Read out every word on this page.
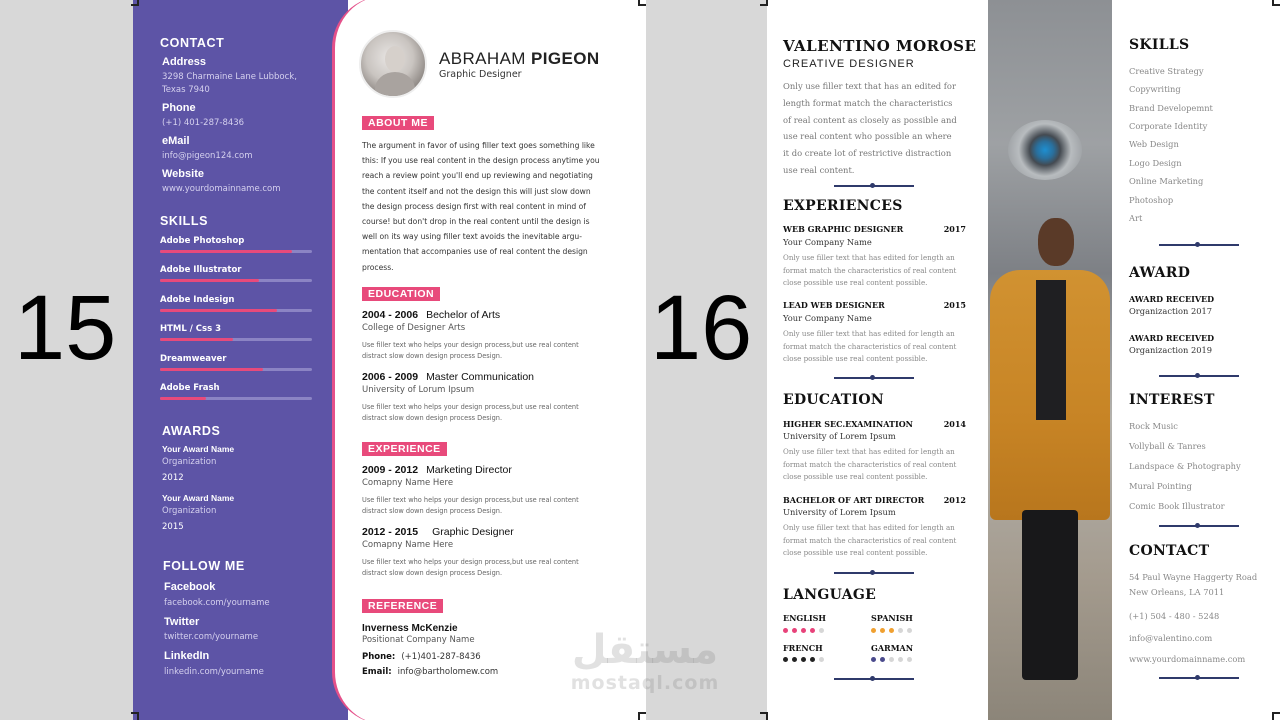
15	16
CONTACT
Address
3298 Charmaine Lane Lubbock,
Texas 7940
Phone
(+1) 401-287-8436
eMail
info@pigeon124.com
Website
www.yourdomainname.com
SKILLS
Adobe Photoshop
Adobe Illustrator
Adobe Indesign
HTML / Css 3
Dreamweaver
Adobe Frash
AWARDS
Your Award Name
Organization
2012
Your Award Name
Organization
2015
FOLLOW ME
Facebook
facebook.com/yourname
Twitter
twitter.com/yourname
LinkedIn
linkedin.com/yourname
ABRAHAM PIGEON
Graphic Designer
ABOUT ME
The argument in favor of using filler text goes something like
this: If you use real content in the design process anytime you
reach a review point you'll end up reviewing and negotiating
the content itself and not the design this will just slow down
the design process design first with real content in mind of
course! but don't drop in the real content until the design is
well on its way using filler text avoids the inevitable argu-
mentation that accompanies use of real content the design
process.
EDUCATION
2004 - 2006 Bechelor of Arts
College of Designer Arts
Use filler text who helps your design process,but use real content
distract slow down design process Design.
2006 - 2009 Master Communication
University of Lorum Ipsum
Use filler text who helps your design process,but use real content
distract slow down design process Design.
EXPERIENCE
2009 - 2012 Marketing Director
Comapny Name Here
Use filler text who helps your design process,but use real content
distract slow down design process Design.
2012 - 2015 Graphic Designer
Comapny Name Here
Use filler text who helps your design process,but use real content
distract slow down design process Design.
REFERENCE
Inverness McKenzie
Positionat Company Name
Phone: (+1)401-287-8436
Email: info@bartholomew.com
VALENTINO MOROSE
CREATIVE DESIGNER
Only use filler text that has an edited for
length format match the characteristics
of real content as closely as possible and
use real content who possible an where
it do create lot of restrictive distraction
use real content.
EXPERIENCES
WEB GRAPHIC DESIGNER	2017
Your Company Name
Only use filler text that has edited for length an
format match the characteristics of real content
close possible use real content possible.
LEAD WEB DESIGNER	2015
Your Company Name
Only use filler text that has edited for length an
format match the characteristics of real content
close possible use real content possible.
EDUCATION
HIGHER SEC.EXAMINATION	2014
University of Lorem Ipsum
Only use filler text that has edited for length an
format match the characteristics of real content
close possible use real content possible.
BACHELOR OF ART DIRECTOR 2012
University of Lorem Ipsum
Only use filler text that has edited for length an
format match the characteristics of real content
close possible use real content possible.
LANGUAGE
ENGLISH	SPANISH
FRENCH	GARMAN
SKILLS
Creative Strategy
Copywriting
Brand Developemnt
Corporate Identity
Web Design
Logo Design
Online Marketing
Photoshop
Art
AWARD
AWARD RECEIVED
Organizaction 2017
AWARD RECEIVED
Organizaction 2019
INTEREST
Rock Music
Vollyball & Tanres
Landspace & Photography
Mural Pointing
Comic Book Illustrator
CONTACT
54 Paul Wayne Haggerty Road
New Orleans, LA 7011
(+1) 504 - 480 - 5248
info@valentino.com
www.yourdomainname.com
مستقل
mostaql.com
